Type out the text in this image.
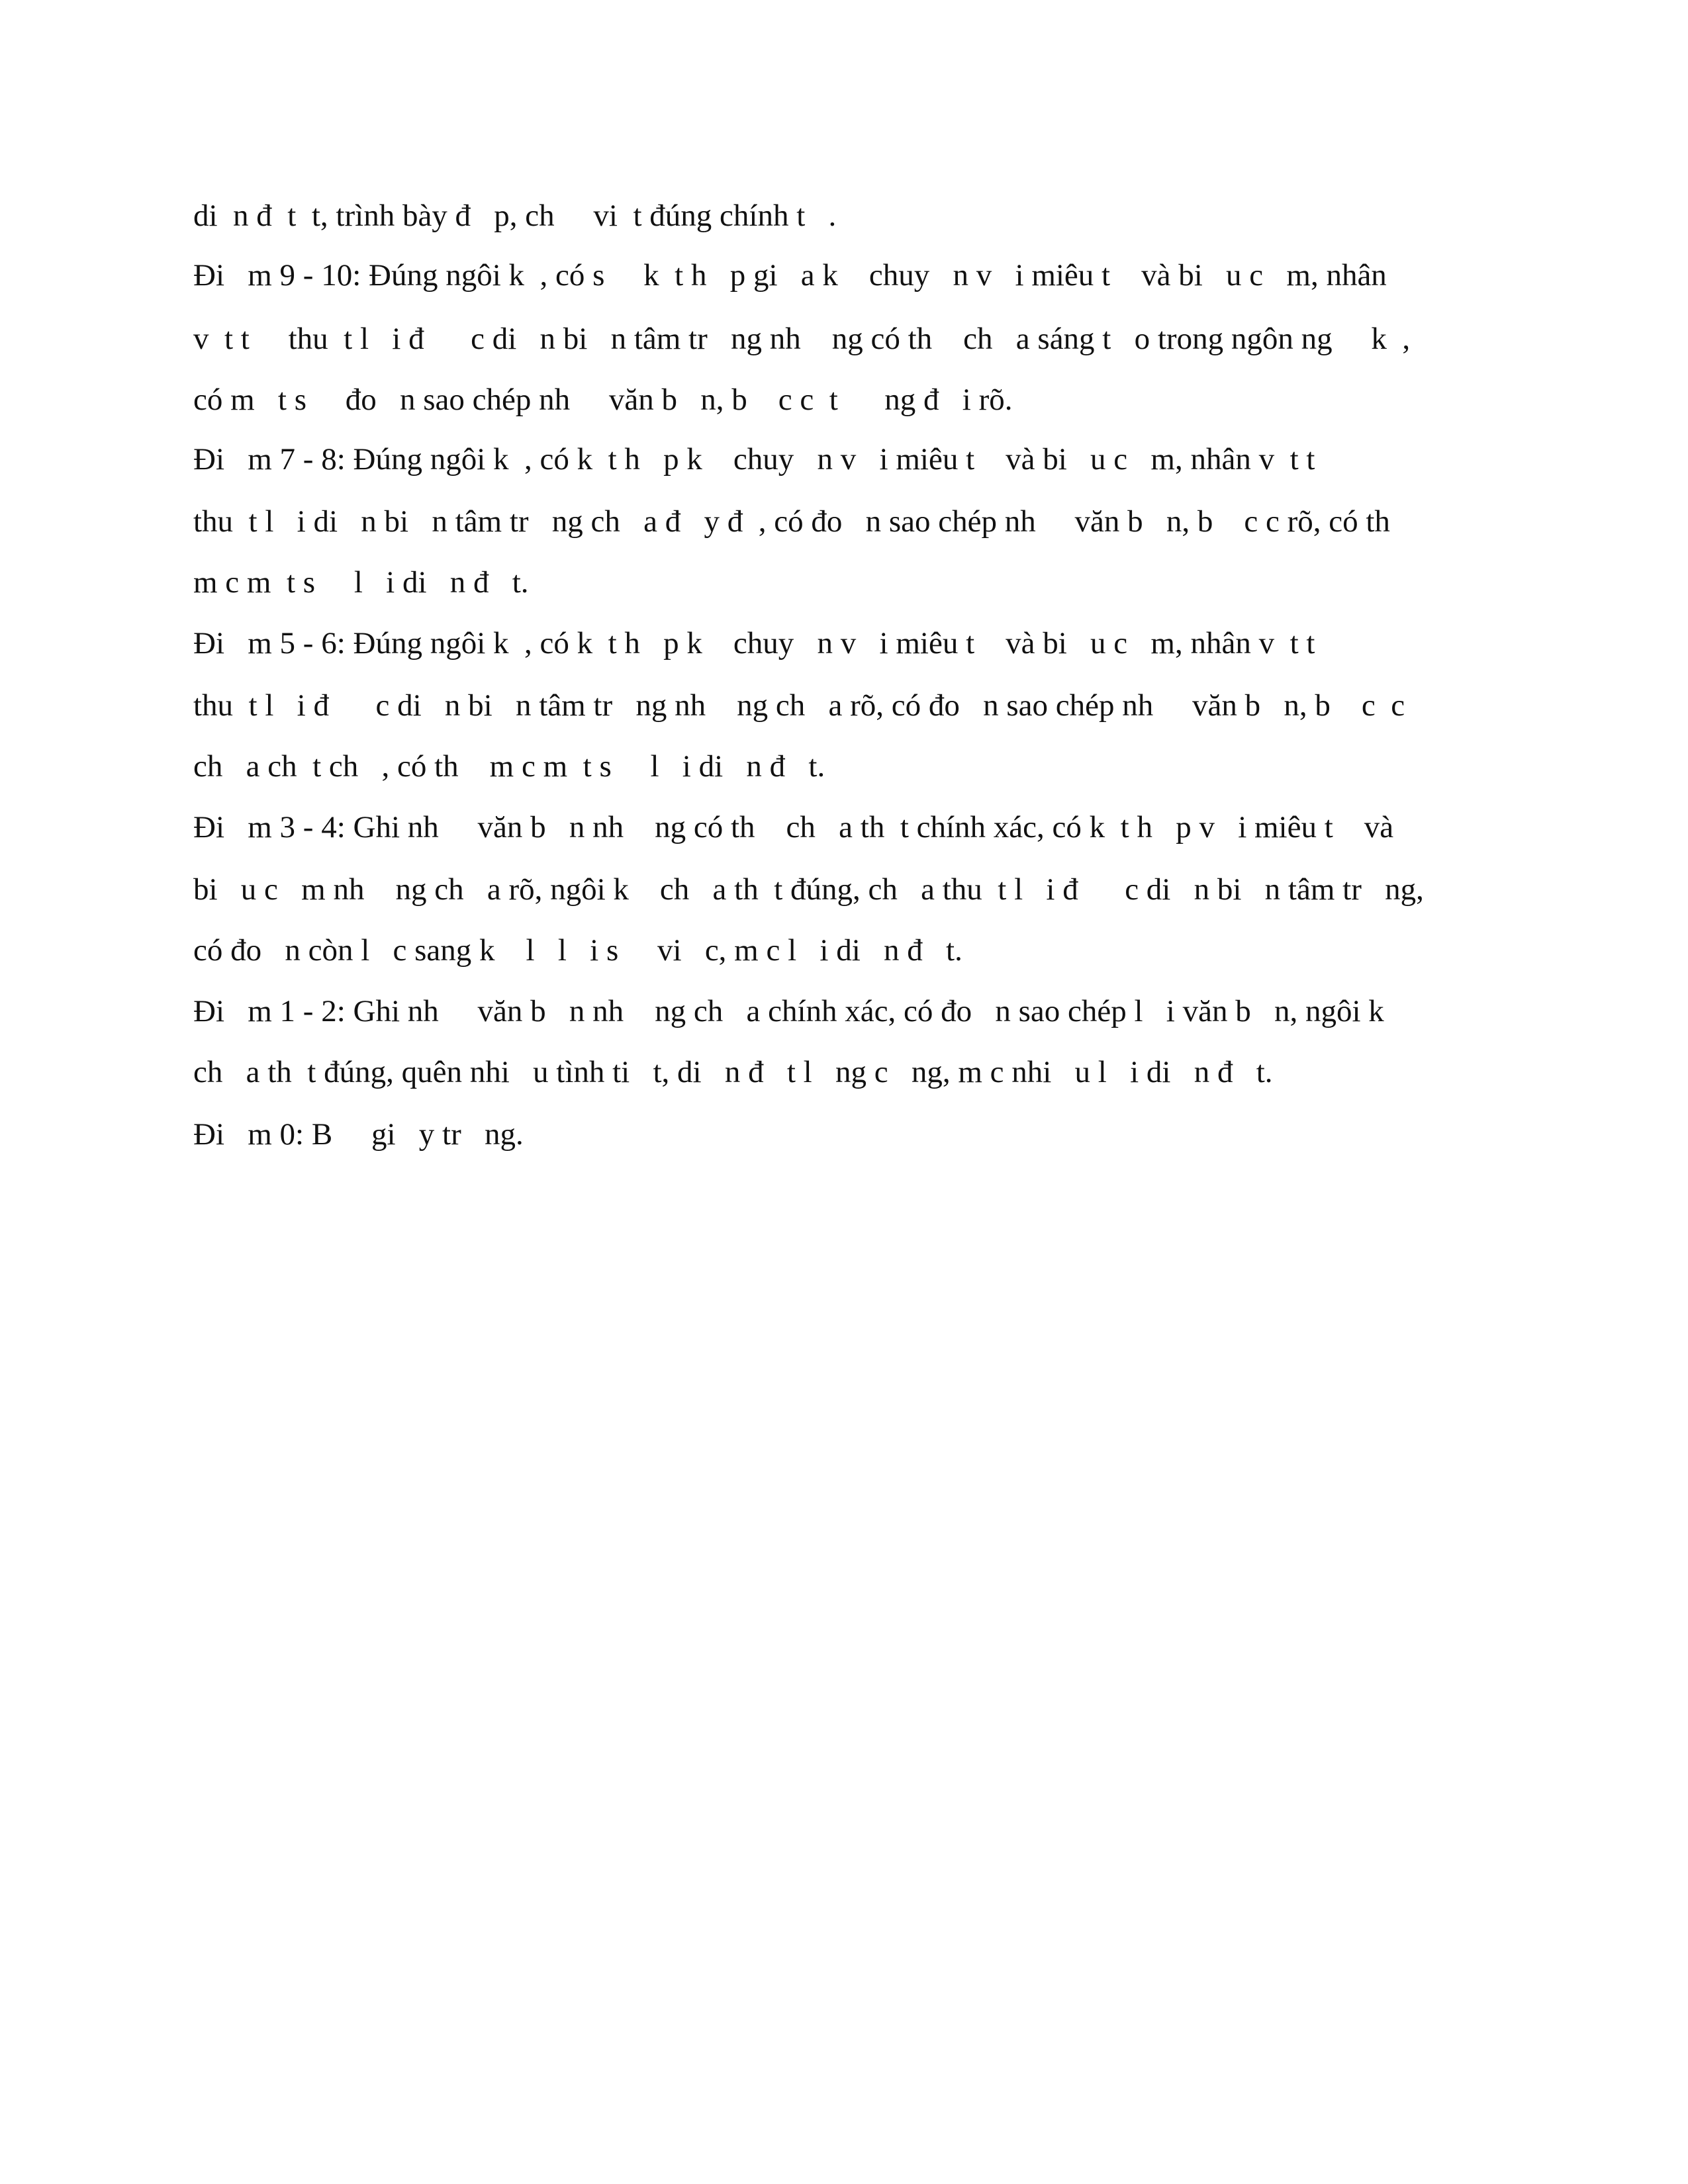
di  n đ  t  t, trình bày đ   p, ch     vi  t đúng chính t   .
Đi   m 9 - 10: Đúng ngôi k  , có s     k  t h   p gi   a k    chuy   n v   i miêu t    và bi   u c   m, nhân
v  t t     thu  t l   i đ      c di   n bi   n tâm tr   ng nh    ng có th    ch   a sáng t   o trong ngôn ng     k  ,
có m   t s     đo   n sao chép nh     văn b   n, b    c c  t      ng đ   i rõ.
Đi   m 7 - 8: Đúng ngôi k  , có k  t h   p k    chuy   n v   i miêu t    và bi   u c   m, nhân v  t t
thu  t l   i di   n bi   n tâm tr   ng ch   a đ   y đ  , có đo   n sao chép nh     văn b   n, b    c c rõ, có th
m c m  t s     l   i di   n đ   t.
Đi   m 5 - 6: Đúng ngôi k  , có k  t h   p k    chuy   n v   i miêu t    và bi   u c   m, nhân v  t t
thu  t l   i đ      c di   n bi   n tâm tr   ng nh    ng ch   a rõ, có đo   n sao chép nh     văn b   n, b    c  c
ch   a ch  t ch   , có th    m c m  t s     l   i di   n đ   t.
Đi   m 3 - 4: Ghi nh     văn b   n nh    ng có th    ch   a th  t chính xác, có k  t h   p v   i miêu t    và
bi   u c   m nh    ng ch   a rõ, ngôi k    ch   a th  t đúng, ch   a thu  t l   i đ      c di   n bi   n tâm tr   ng,
có đo   n còn l   c sang k    l   l   i s     vi   c, m c l   i di   n đ   t.
Đi   m 1 - 2: Ghi nh     văn b   n nh    ng ch   a chính xác, có đo   n sao chép l   i văn b   n, ngôi k
ch   a th  t đúng, quên nhi   u tình ti   t, di   n đ   t l   ng c   ng, m c nhi   u l   i di   n đ   t.
Đi   m 0: B     gi   y tr   ng.
